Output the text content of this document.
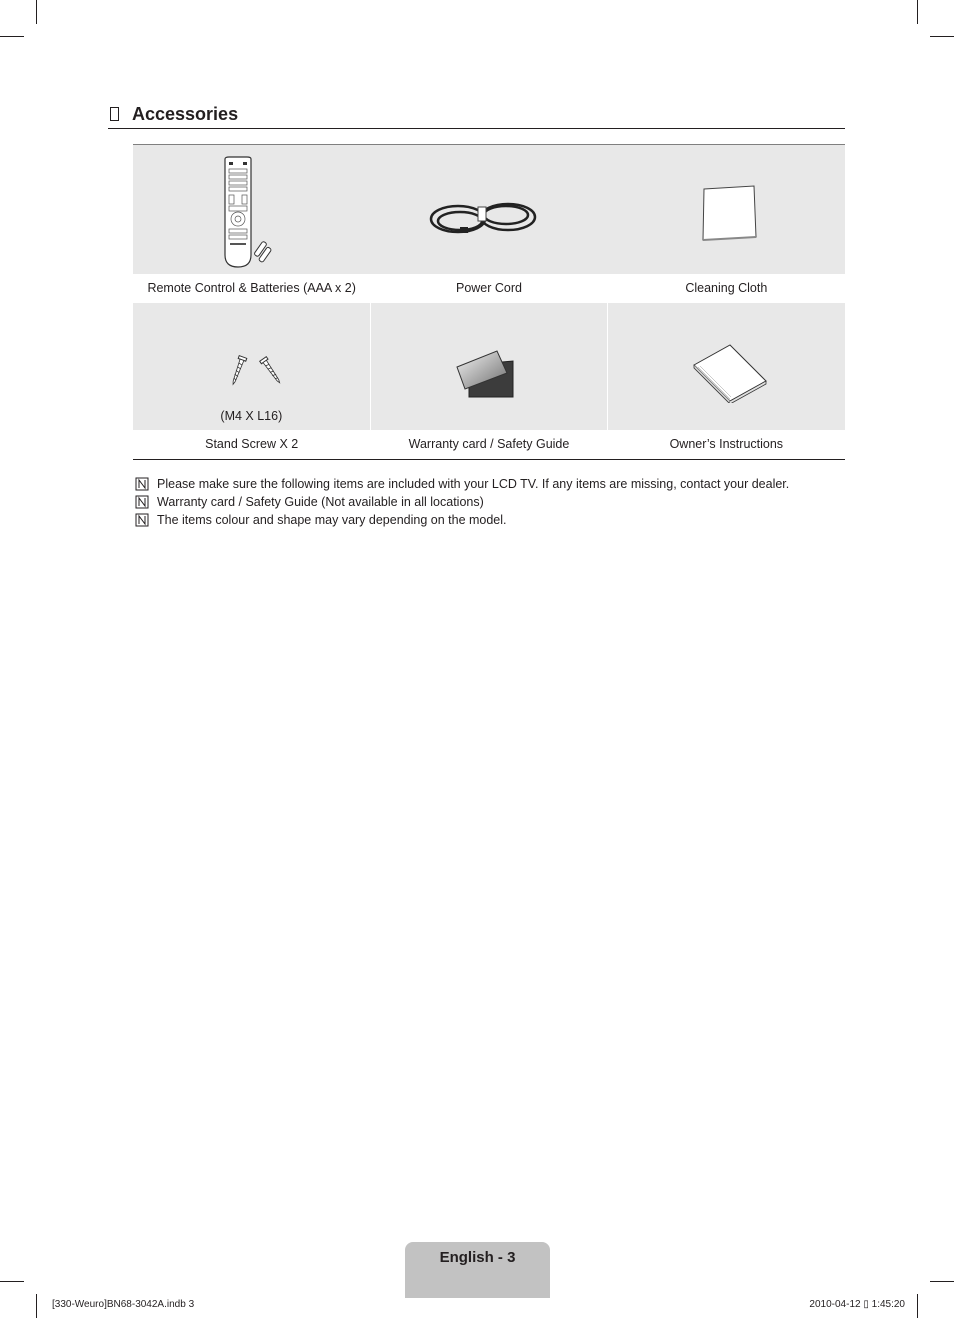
Accessories
Remote Control & Batteries (AAA x 2)	Power Cord	Cleaning Cloth
(M4 X L16)
Stand Screw X 2	Warranty card / Safety Guide	Owner’s Instructions
Please make sure the following items are included with your LCD TV. If any items are missing, contact your dealer.
Warranty card / Safety Guide (Not available in all locations)
The items colour and shape may vary depending on the model.
English - 3
[330-Weuro]BN68-3042A.indb 3	2010-04-12 ▯ 1:45:20
